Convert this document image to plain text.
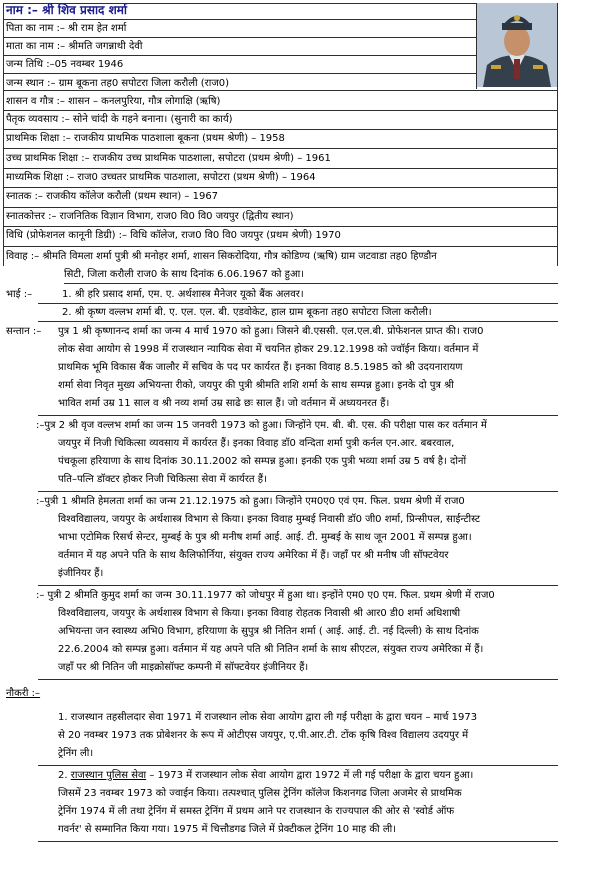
नाम :– श्री शिव प्रसाद शर्मा
पिता का नाम :– श्री राम हेत शर्मा
माता का नाम :– श्रीमति जगन्नाथी देवी
जन्म तिथि :–05 नवम्बर 1946
जन्म स्थान :– ग्राम बूकना तह0 सपोटरा जिला करौली (राज0)
शासन व गौत्र :– शासन – कनलपुरिया, गौत्र लोगाक्षि (ऋषि)
पैतृक व्यवसाय :– सोने चांदी के गहने बनाना। (सुनारी का कार्य)
प्राथमिक शिक्षा :– राजकीय प्राथमिक पाठशाला बूकना (प्रथम श्रेणी) – 1958
उच्च प्राथमिक शिक्षा :– राजकीय उच्च प्राथमिक पाठशाला, सपोटरा (प्रथम श्रेणी) – 1961
माध्यमिक शिक्षा :– राज0 उच्चतर प्राथमिक पाठशाला, सपोटरा (प्रथम श्रेणी) – 1964
स्नातक :– राजकीय कॉलेज करौली (प्रथम स्थान) – 1967
स्नातकोत्तर :– राजनितिक विज्ञान विभाग, राज0 वि0 वि0 जयपुर (द्वितीय स्थान)
विधि (प्रोफेशनल कानूनी डिग्री) :– विधि कॉलेज, राज0 वि0 वि0 जयपुर (प्रथम श्रेणी) 1970
विवाह :– श्रीमति विमला शर्मा पुत्री श्री मनोहर शर्मा, शासन सिकरोदिया, गौत्र कोडिण्य (ऋषि) ग्राम जटवाडा तह0 हिण्डौन
सिटी, जिला करौली राज0 के साथ दिनांक 6.06.1967 को हुआ।
भाई :–	1. श्री हरि प्रसाद शर्मा, एम. ए. अर्थशास्त्र मैनेजर यूको बैंक अलवर।
2. श्री कृष्ण वल्लभ शर्मा बी. ए. एल. एल. बी. एडवोकेट, हाल ग्राम बूकना तह0 सपोटरा जिला करौली।
सन्तान :– पुत्र 1 श्री कृष्णानन्द शर्मा का जन्म 4 मार्च 1970 को हुआ। जिसने बी.एससी. एल.एल.बी. प्रोफेशनल प्राप्त की। राज0
लोक सेवा आयोग से 1998 में राजस्थान न्यायिक सेवा में चयनित होकर 29.12.1998 को ज्वॉईन किया। वर्तमान में
प्राथमिक भूमि विकास बैंक जालौर में सचिव के पद पर कार्यरत हैं। इनका विवाह 8.5.1985 को श्री उदयनारायण
शर्मा सेवा निवृत मुख्य अभियन्ता रीको, जयपुर की पुत्री श्रीमति शशि शर्मा के साथ सम्पन्न हुआ। इनके दो पुत्र श्री
भावित शर्मा उम्र 11 साल व श्री नव्य शर्मा उम्र साढे छः साल हैं। जो वर्तमान में अध्ययनरत हैं।
:–पुत्र 2 श्री वृज वल्लभ शर्मा का जन्म 15 जनवरी 1973 को हुआ। जिन्होंने एम. बी. बी. एस. की परीक्षा पास कर वर्तमान में
जयपुर में निजी चिकित्सा व्यवसाय में कार्यरत हैं। इनका विवाह डॉ0 वन्दिता शर्मा पुत्री कर्नल एन.आर. बबरवाल,
पंचकूला हरियाणा के साथ दिनांक 30.11.2002 को सम्पन्न हुआ। इनकी एक पुत्री भव्या शर्मा उम्र 5 वर्ष है। दोनों
पति–पत्नि डॉक्टर होकर निजी चिकित्सा सेवा में कार्यरत हैं।
:–पुत्री 1 श्रीमति हेमलता शर्मा का जन्म 21.12.1975 को हुआ। जिन्होंने एम0ए0 एवं एम. फिल. प्रथम श्रेणी में राज0
विश्वविद्यालय, जयपुर के अर्थशास्त्र विभाग से किया। इनका विवाह मुम्बई निवासी डॉ0 जी0 शर्मा, प्रिन्सीपल, साईन्टीस्ट
भाभा एटोमिक रिसर्च सेन्टर, मुम्बई के पुत्र श्री मनीष शर्मा आई. आई. टी. मुम्बई के साथ जून 2001 में सम्पन्न हुआ।
वर्तमान में यह अपने पति के साथ कैलिफोर्निया, संयुक्त राज्य अमेरिका में हैं। जहाँ पर श्री मनीष जी सॉफ्टवेयर
इंजीनियर हैं।
:– पुत्री 2 श्रीमति कुमुद शर्मा का जन्म 30.11.1977 को जोधपुर में हुआ था। इन्होंने एम0 ए0 एम. फिल. प्रथम श्रेणी में राज0
विश्वविद्यालय, जयपुर के अर्थशास्त्र विभाग से किया। इनका विवाह रोहतक निवासी श्री आर0 डी0 शर्मा अधिशाषी
अभियन्ता जन स्वास्थ्य अभि0 विभाग, हरियाणा के सुपुत्र श्री नितिन शर्मा ( आई. आई. टी. नई दिल्ली) के साथ दिनांक
22.6.2004 को सम्पन्न हुआ। वर्तमान में यह अपने पति श्री नितिन शर्मा के साथ सीएटल, संयुक्त राज्य अमेरिका में हैं।
जहाँ पर श्री नितिन जी माइक्रोसॉफ्ट कम्पनी में सॉफ्टवेयर इंजीनियर हैं।
नौकरी :–
1. राजस्थान तहसीलदार सेवा 1971 में राजस्थान लोक सेवा आयोग द्वारा ली गई परीक्षा के द्वारा चयन – मार्च 1973
से 20 नवम्बर 1973 तक प्रोबेशनर के रूप में ओटीएस जयपुर, ए.पी.आर.टी. टोंक कृषि विश्व विद्यालय उदयपुर में
ट्रेनिंग ली।
2. राजस्थान पुलिस सेवा – 1973 में राजस्थान लोक सेवा आयोग द्वारा 1972 में ली गई परीक्षा के द्वारा चयन हुआ।
जिसमें 23 नवम्बर 1973 को ज्वाईन किया। तत्पश्चात् पुलिस ट्रेनिंग कॉलेज किशनगढ जिला अजमेर से प्राथमिक
ट्रेनिंग 1974 में ली तथा ट्रेनिंग में समस्त ट्रेनिंग में प्रथम आने पर राजस्थान के राज्यपाल की ओर से 'स्वोर्ड ऑफ
गवर्नर' से सम्मानित किया गया। 1975 में चित्तौडगढ जिले में प्रेक्टीकल ट्रेनिंग 10 माह की ली।
